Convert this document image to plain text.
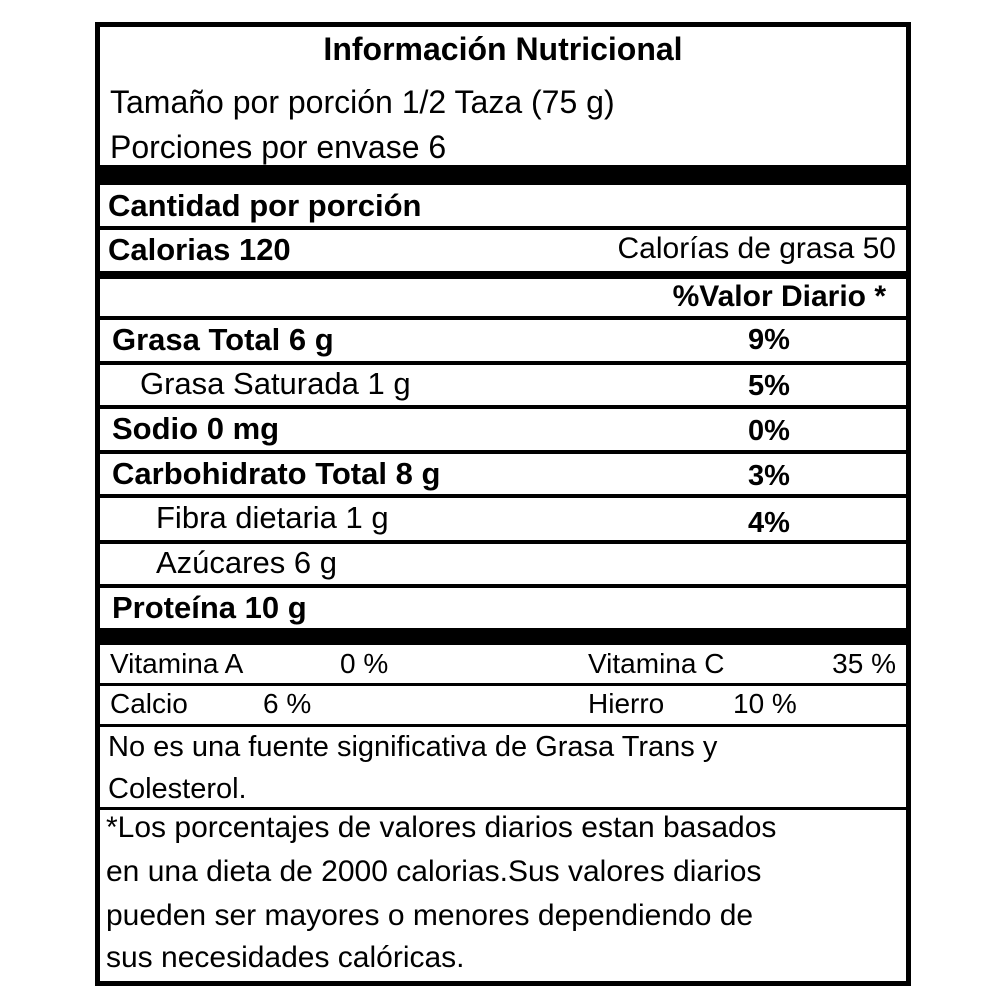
Información Nutricional
Tamaño por porción 1/2 Taza (75 g)
Porciones por envase 6
Cantidad por porción
Calorias 120	Calorías de grasa 50
%Valor Diario *
Grasa Total 6 g	9%
Grasa Saturada 1 g	5%
Sodio 0 mg	0%
Carbohidrato Total 8 g	3%
Fibra dietaria 1 g	4%
Azúcares 6 g
Proteína 10 g
Vitamina A	0 %	Vitamina C	35 %
Calcio	6 %	Hierro 10 %
No es una fuente significativa de Grasa Trans y
Colesterol.
*Los porcentajes de valores diarios estan basados
en una dieta de 2000 calorias.Sus valores diarios
pueden ser mayores o menores dependiendo de
sus necesidades calóricas.
